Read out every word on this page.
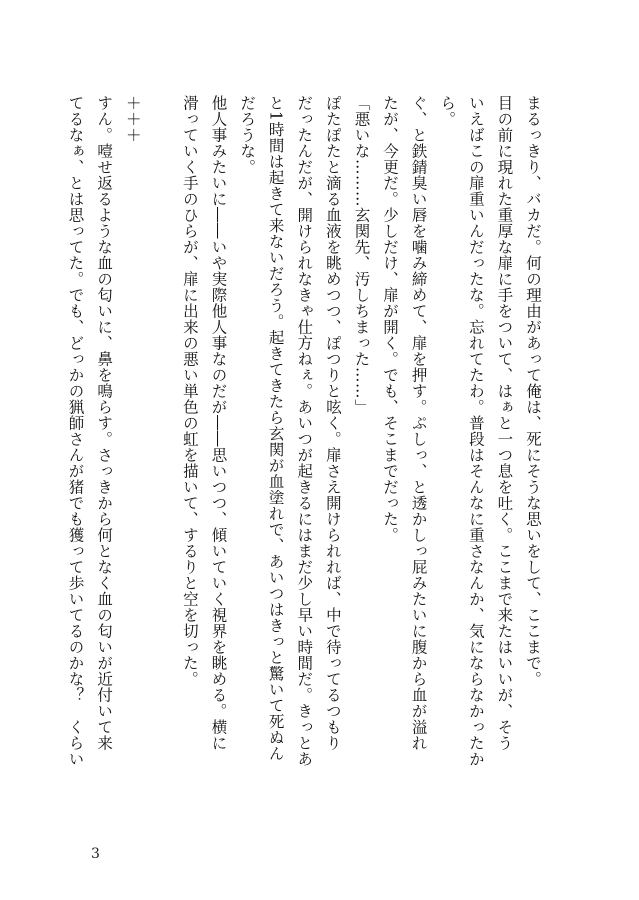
まるっきり、バカだ。何の理由があって俺は、死にそうな思いをして、ここまで。
目の前に現れた重厚な扉に手をついて、はぁと一つ息を吐く。ここまで来たはいいが、そう
いえばこの扉重いんだったな。忘れてたわ。普段はそんなに重さなんか、気にならなかったか
ら。
ぐ、と鉄錆臭い唇を噛み締めて、扉を押す。ぷしっ、と透かしっ屁みたいに腹から血が溢れ
たが、今更だ。少しだけ、扉が開く。でも、そこまでだった。
「悪いな………玄関先、汚しちまった……」
ぽたぽたと滴る血液を眺めつつ、ぽつりと呟く。扉さえ開けられれば、中で待ってるつもり
だったんだが、開けられなきゃ仕方ねぇ。あいつが起きるにはまだ少し早い時間だ。きっとあ
と1時間は起きて来ないだろう。起きてきたら玄関が血塗れで、あいつはきっと驚いて死ぬん
だろうな。
他人事みたいに――いや実際他人事なのだが――思いつつ、傾いていく視界を眺める。横に
滑っていく手のひらが、扉に出来の悪い単色の虹を描いて、するりと空を切った。
＋＋＋
すん。噎せ返るような血の匂いに、鼻を鳴らす。さっきから何となく血の匂いが近付いて来
てるなぁ、とは思ってた。でも、どっかの猟師さんが猪でも獲って歩いてるのかな？　くらい
3
